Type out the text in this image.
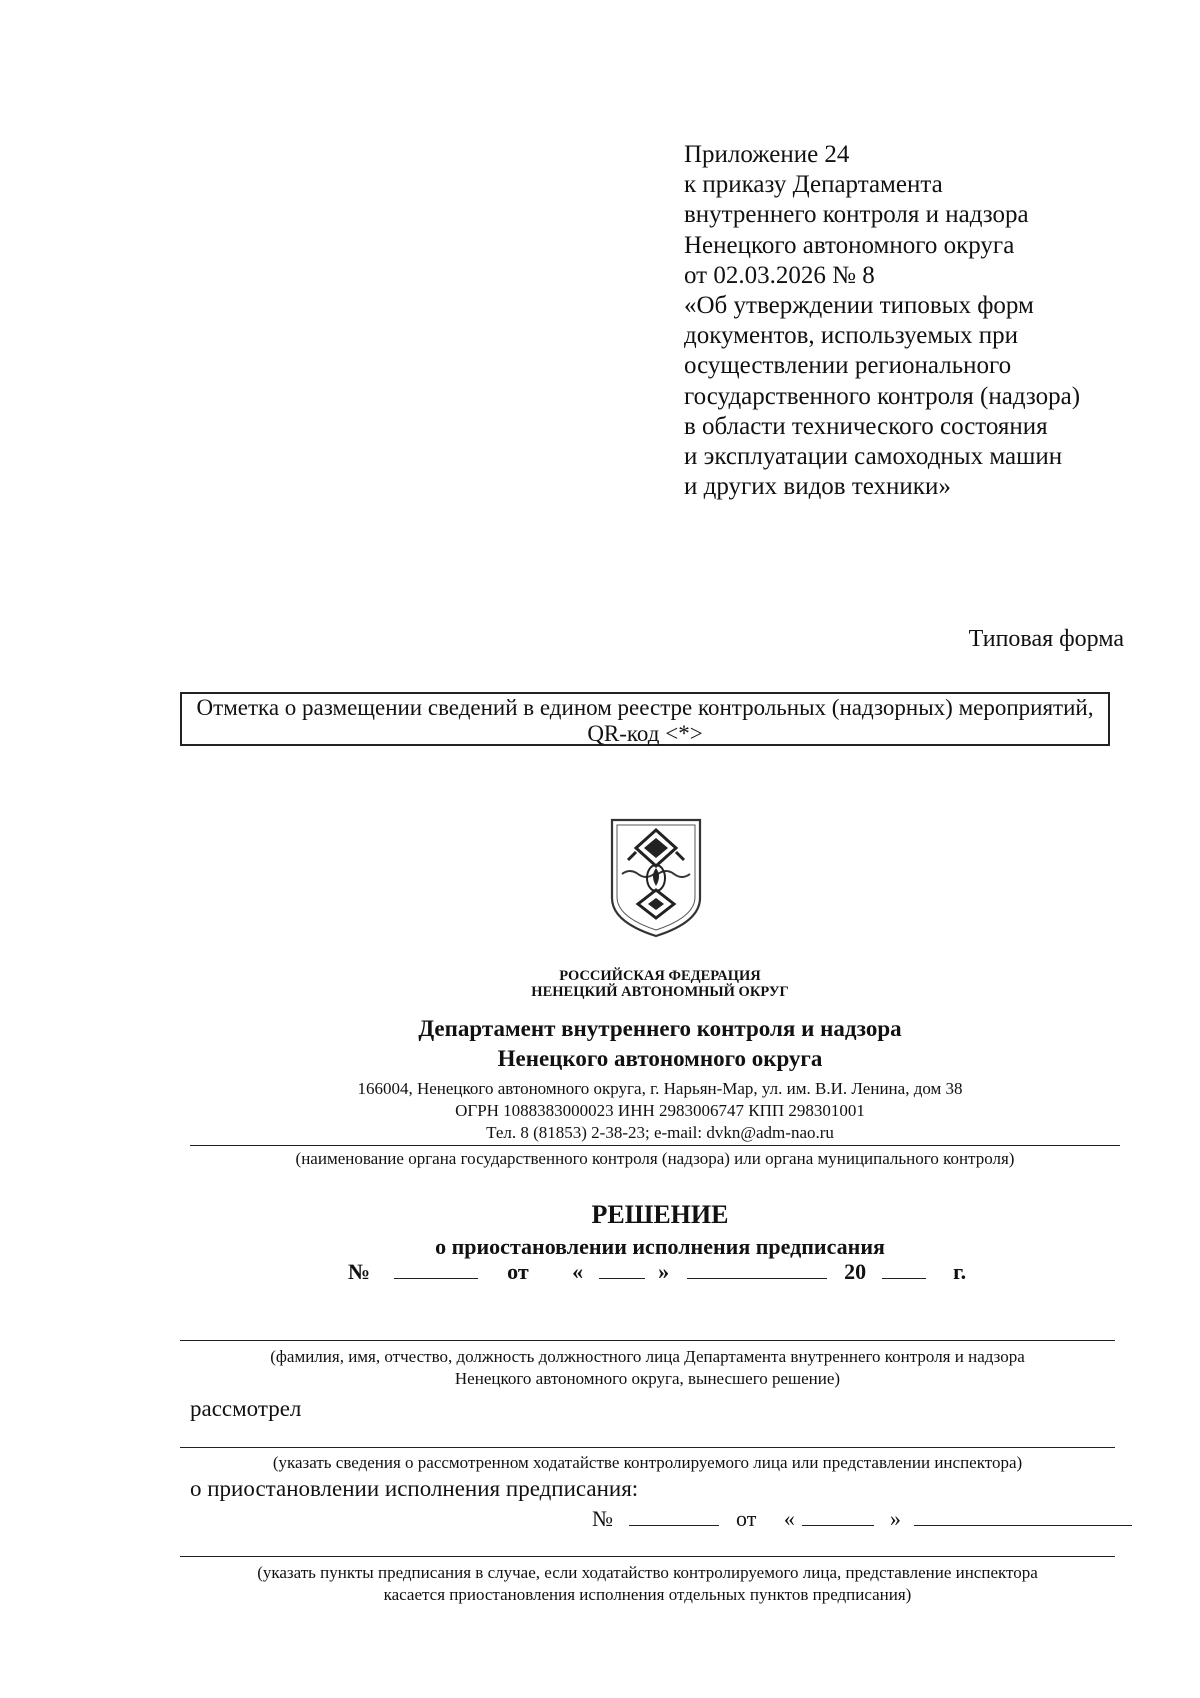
Приложение 24
к приказу Департамента
внутреннего контроля и надзора
Ненецкого автономного округа
от 02.03.2026 № 8
«Об утверждении типовых форм
документов, используемых при
осуществлении регионального
государственного контроля (надзора)
в области технического состояния
и эксплуатации самоходных машин
и других видов техники»
Типовая форма
Отметка о размещении сведений в едином реестре контрольных (надзорных) мероприятий,
QR-код <*>
РОССИЙСКАЯ ФЕДЕРАЦИЯ
НЕНЕЦКИЙ АВТОНОМНЫЙ ОКРУГ
Департамент внутреннего контроля и надзора
Ненецкого автономного округа
166004, Ненецкого автономного округа, г. Нарьян-Мар, ул. им. В.И. Ленина, дом 38
ОГРН 1088383000023 ИНН 2983006747 КПП 298301001
Тел. 8 (81853) 2-38-23; e-mail: dvkn@adm-nao.ru
(наименование органа государственного контроля (надзора) или органа муниципального контроля)
РЕШЕНИЕ
о приостановлении исполнения предписания
№	от «	»	20	г.
(фамилия, имя, отчество, должность должностного лица Департамента внутреннего контроля и надзора
Ненецкого автономного округа, вынесшего решение)
рассмотрел
(указать сведения о рассмотренном ходатайстве контролируемого лица или представлении инспектора)
о приостановлении исполнения предписания:
№	от «	»
(указать пункты предписания в случае, если ходатайство контролируемого лица, представление инспектора
касается приостановления исполнения отдельных пунктов предписания)
